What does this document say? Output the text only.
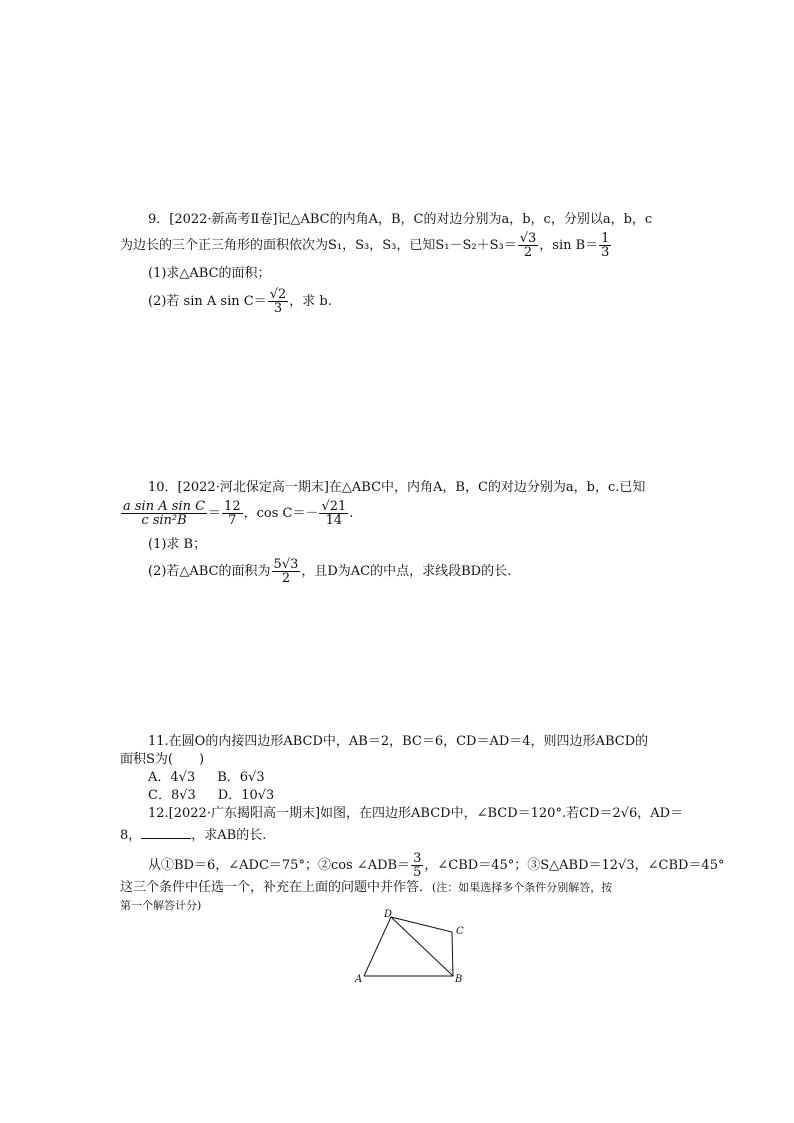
9．[2022·新高考Ⅱ卷]记△ABC的内角A，B，C的对边分别为a，b，c，分别以a，b，c
为边长的三个正三角形的面积依次为S₁，S₃，S₃，已知$S_1-S_2+S_3= \frac{√3}{2}$ ，$\sin B= \frac{1}{3}$
(1)求△ABC的面积；
(2)若 sin A $\sin C= \frac{√2}{3}$ ，求 b.
10．[2022·河北保定高一期末]在△ABC中，内角A，B，C的对边分别为a，b，c.已知
$\frac{\text{a sin A sin C}}{\text{c sin²B}} = \frac{12}{7}$ ，$\cos C=- \frac{√21}{14}$ .
(1)求 B；
(2)若△ABC的面积为 $\frac{5√3}{2}$ ，且D为AC的中点，求线段BD的长.
11.在圆O的内接四边形ABCD中，AB＝2，BC＝6，CD＝AD＝4，则四边形ABCD的
面积S为(　　)
A．4√3 B．6√3
C．8√3 D．10√3
12.[2022·广东揭阳高一期末]如图，在四边形ABCD中，∠BCD＝120°.若CD＝2√6，AD＝
8，	，求AB的长.
从①BD＝6，∠ADC＝75°；②cos ∠ADB＝ $\frac{3}{5}$ ，∠CBD＝45°；③S△ABD＝12√3，∠CBD＝45°
这三个条件中任选一个，补充在上面的问题中并作答．(注：如果选择多个条件分别解答，按
第一个解答计分)
D
C
A	B
